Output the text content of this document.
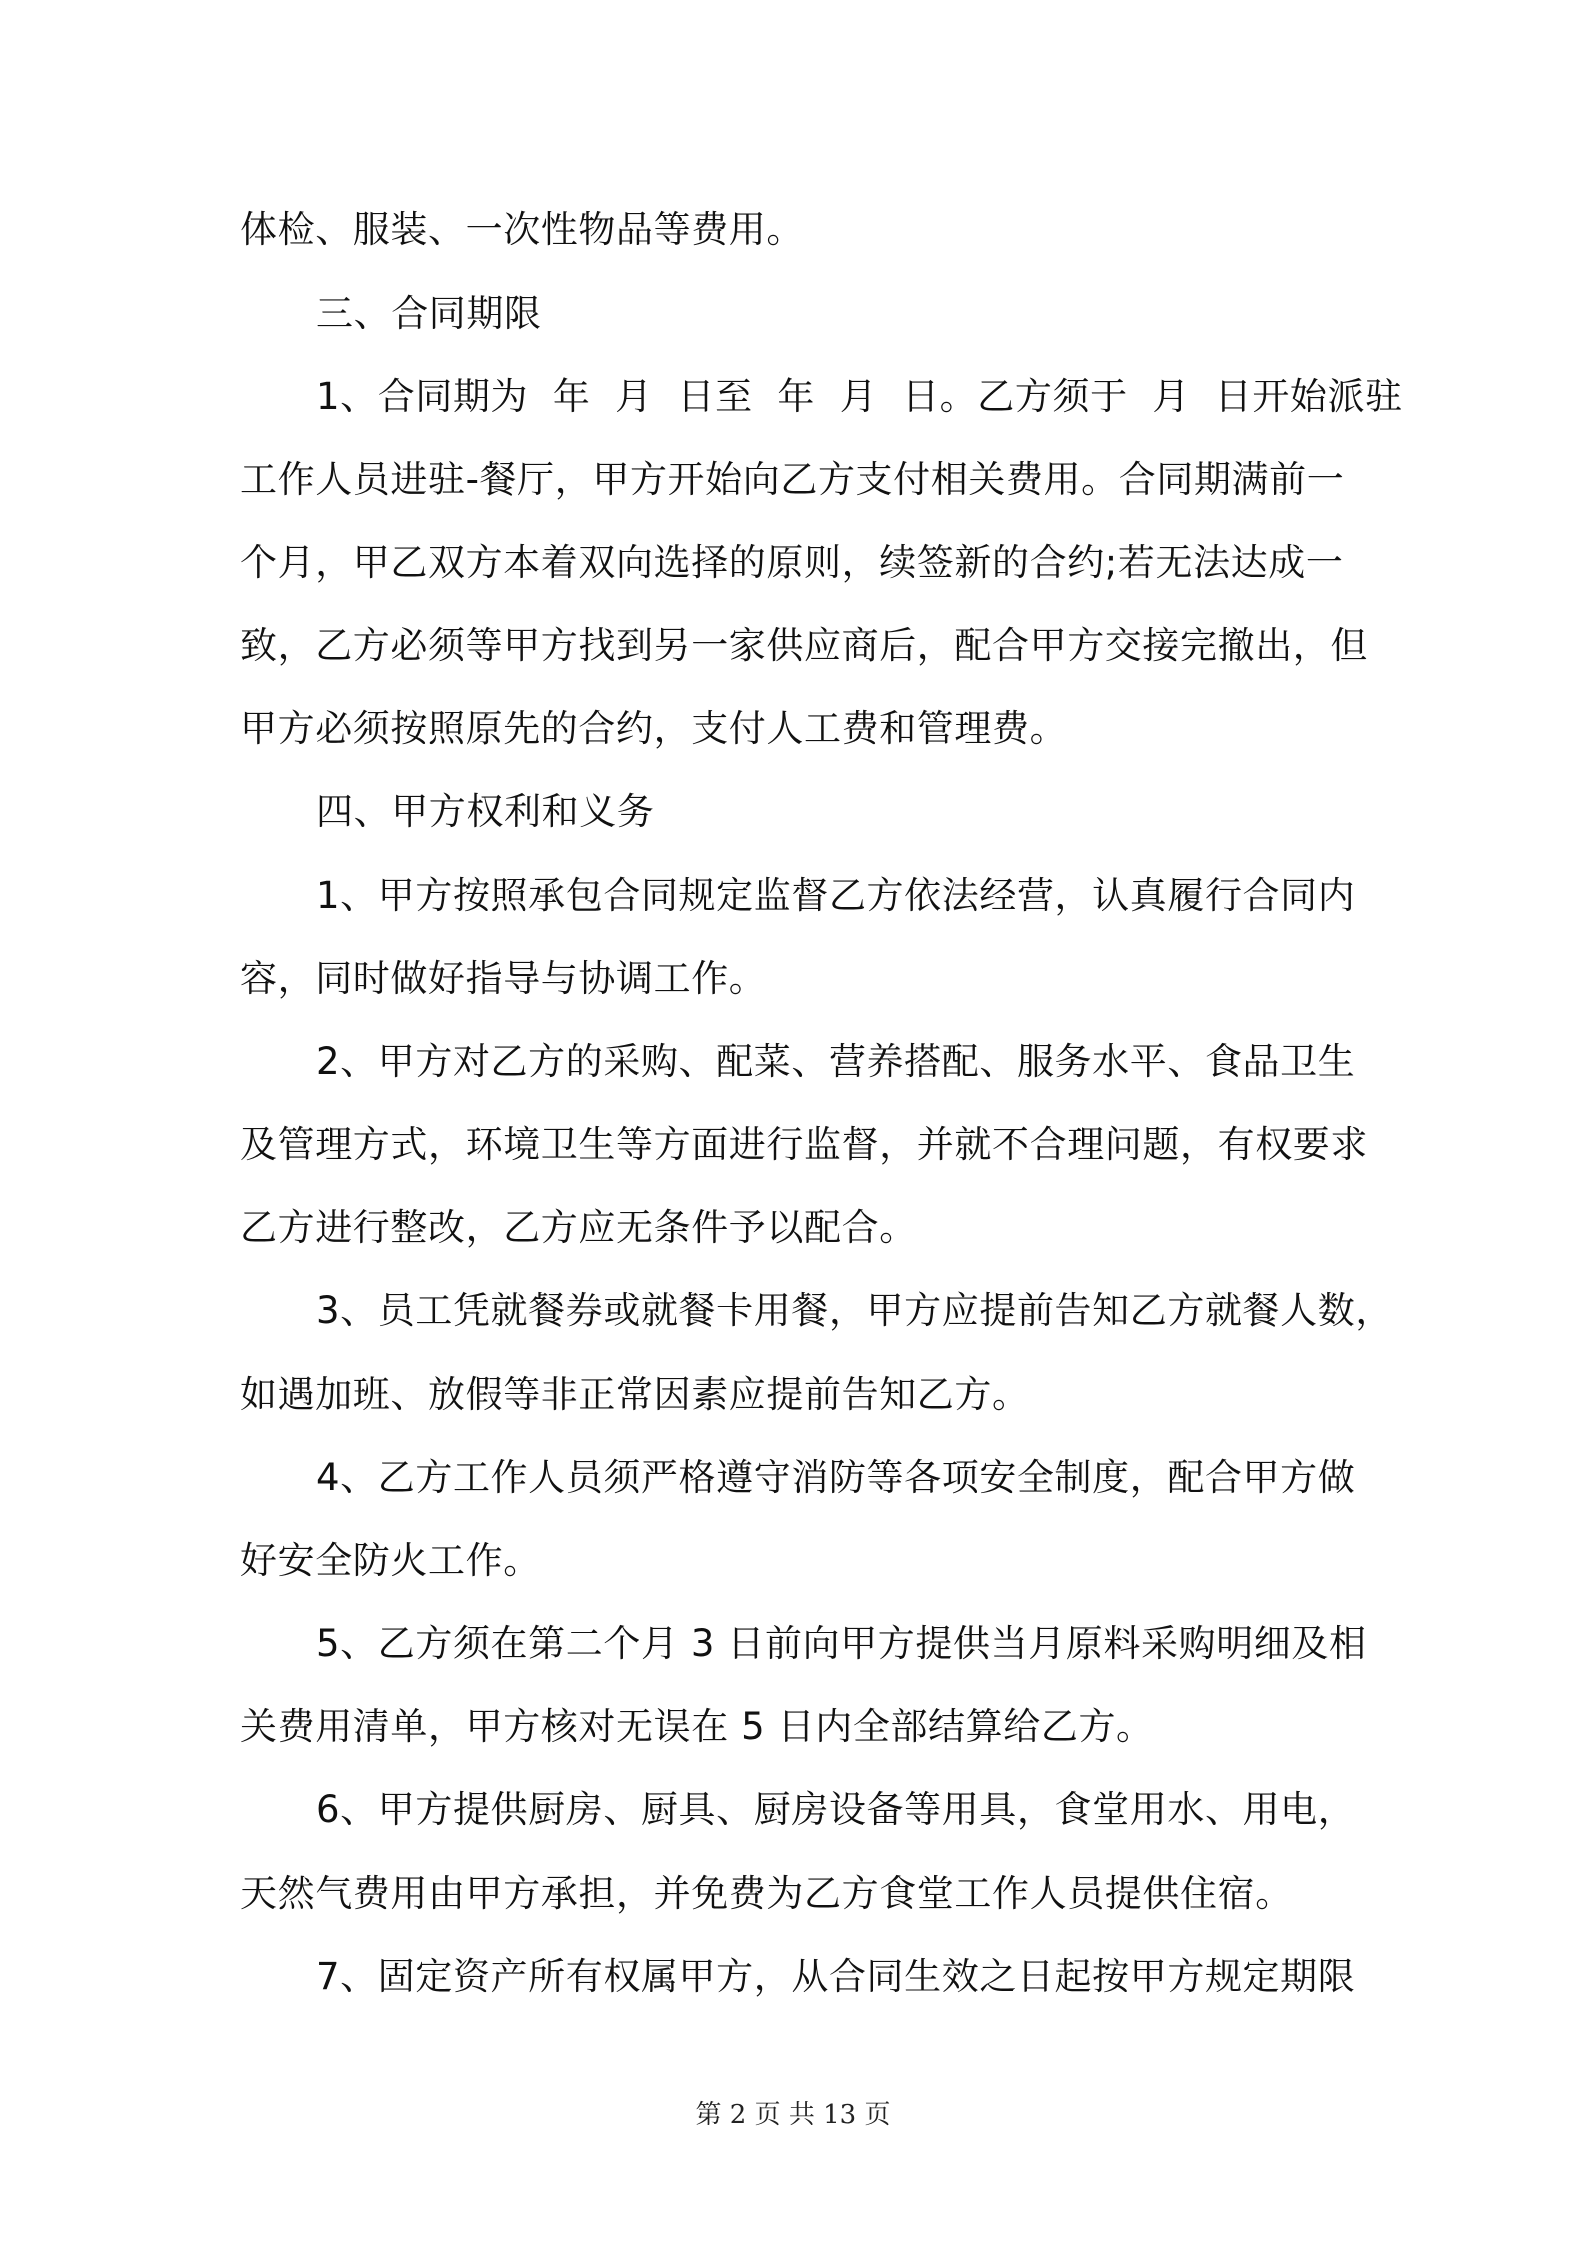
体检、服装、一次性物品等费用。
三、合同期限
1、合同期为  年  月  日至  年  月  日。乙方须于  月  日开始派驻
工作人员进驻-餐厅，甲方开始向乙方支付相关费用。合同期满前一
个月，甲乙双方本着双向选择的原则，续签新的合约;若无法达成一
致，乙方必须等甲方找到另一家供应商后，配合甲方交接完撤出，但
甲方必须按照原先的合约，支付人工费和管理费。
四、甲方权利和义务
1、甲方按照承包合同规定监督乙方依法经营，认真履行合同内
容，同时做好指导与协调工作。
2、甲方对乙方的采购、配菜、营养搭配、服务水平、食品卫生
及管理方式，环境卫生等方面进行监督，并就不合理问题，有权要求
乙方进行整改，乙方应无条件予以配合。
3、员工凭就餐券或就餐卡用餐，甲方应提前告知乙方就餐人数，
如遇加班、放假等非正常因素应提前告知乙方。
4、乙方工作人员须严格遵守消防等各项安全制度，配合甲方做
好安全防火工作。
5、乙方须在第二个月 3 日前向甲方提供当月原料采购明细及相
关费用清单，甲方核对无误在 5 日内全部结算给乙方。
6、甲方提供厨房、厨具、厨房设备等用具，食堂用水、用电，
天然气费用由甲方承担，并免费为乙方食堂工作人员提供住宿。
7、固定资产所有权属甲方，从合同生效之日起按甲方规定期限
第 2 页 共 13 页
